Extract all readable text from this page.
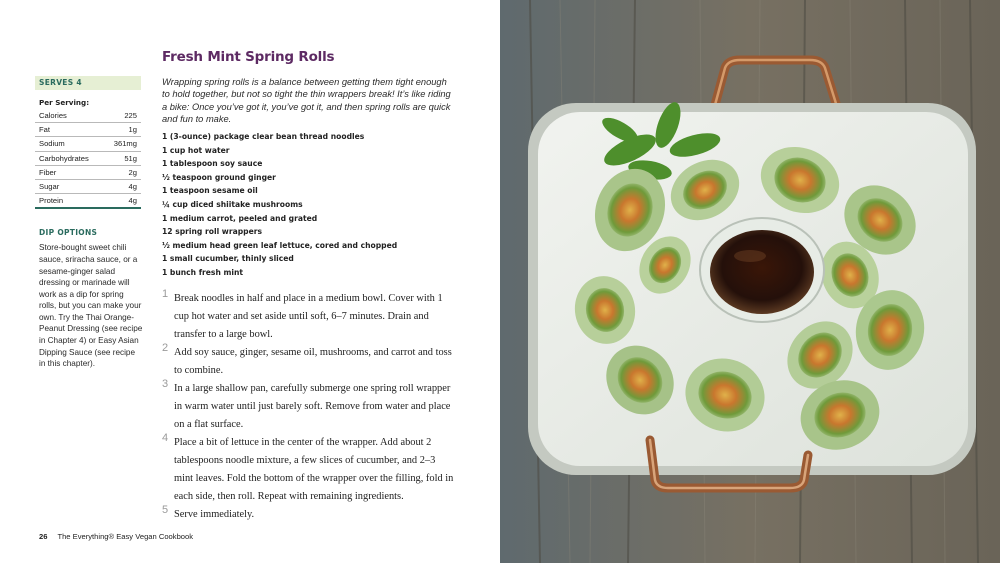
Fresh Mint Spring Rolls
Wrapping spring rolls is a balance between getting them tight enough to hold together, but not so tight the thin wrappers break! It’s like riding a bike: Once you’ve got it, you’ve got it, and then spring rolls are quick and fun to make.
1 (3-ounce) package clear bean thread noodles
1 cup hot water
1 tablespoon soy sauce
½ teaspoon ground ginger
1 teaspoon sesame oil
¼ cup diced shiitake mushrooms
1 medium carrot, peeled and grated
12 spring roll wrappers
½ medium head green leaf lettuce, cored and chopped
1 small cucumber, thinly sliced
1 bunch fresh mint
1 Break noodles in half and place in a medium bowl. Cover with 1 cup hot water and set aside until soft, 6–7 minutes. Drain and transfer to a large bowl.
2 Add soy sauce, ginger, sesame oil, mushrooms, and carrot and toss to combine.
3 In a large shallow pan, carefully submerge one spring roll wrapper in warm water until just barely soft. Remove from water and place on a flat surface.
4 Place a bit of lettuce in the center of the wrapper. Add about 2 tablespoons noodle mixture, a few slices of cucumber, and 2–3 mint leaves. Fold the bottom of the wrapper over the filling, fold in each side, then roll. Repeat with remaining ingredients.
5 Serve immediately.
SERVES 4
Per Serving:
Calories	225
Fat	1g
Sodium	361mg
Carbohydrates	51g
Fiber	2g
Sugar	4g
Protein	4g
DIP OPTIONS
Store-bought sweet chili sauce, sriracha sauce, or a sesame-ginger salad dressing or marinade will work as a dip for spring rolls, but you can make your own. Try the Thai Orange-Peanut Dressing (see recipe in Chapter 4) or Easy Asian Dipping Sauce (see recipe in this chapter).
26 The Everything® Easy Vegan Cookbook
